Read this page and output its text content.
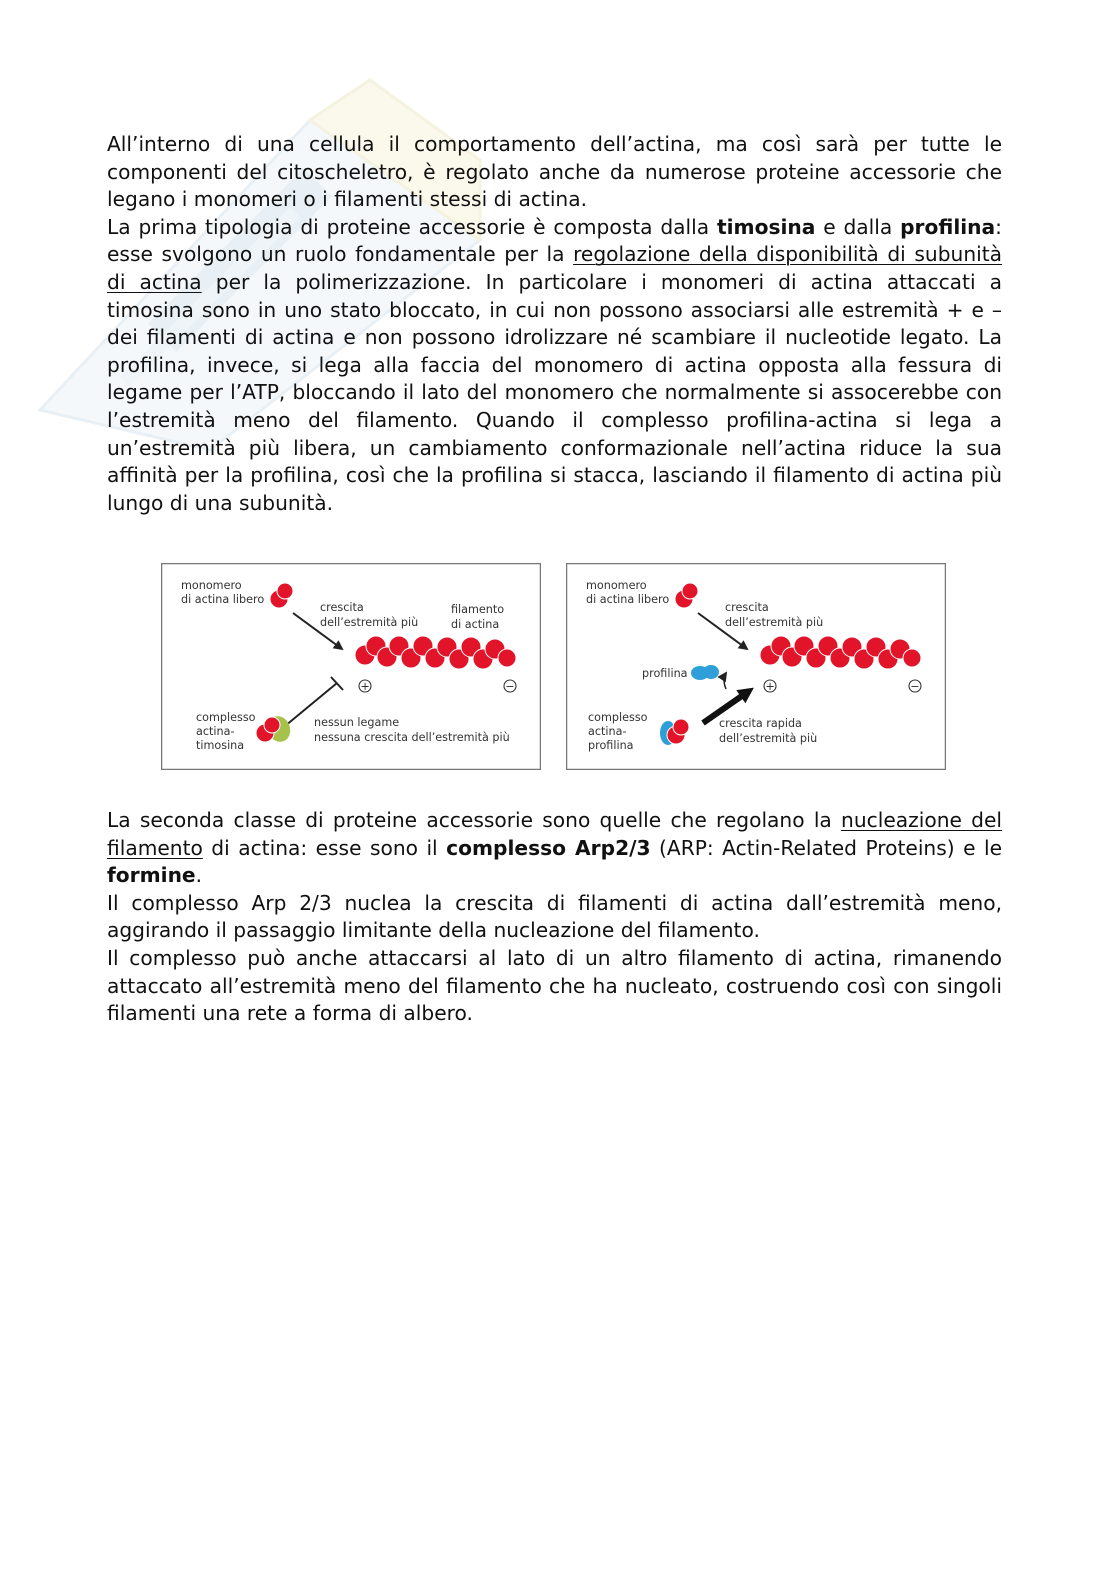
All’interno di una cellula il comportamento dell’actina, ma così sarà per tutte le componenti del citoscheletro, è regolato anche da numerose proteine accessorie che legano i monomeri o i filamenti stessi di actina.

La prima tipologia di proteine accessorie è composta dalla timosina e dalla profilina: esse svolgono un ruolo fondamentale per la regolazione della disponibilità di subunità di actina per la polimerizzazione. In particolare i monomeri di actina attaccati a timosina sono in uno stato bloccato, in cui non possono associarsi alle estremità + e – dei filamenti di actina e non possono idrolizzare né scambiare il nucleotide legato. La profilina, invece, si lega alla faccia del monomero di actina opposta alla fessura di legame per l’ATP, bloccando il lato del monomero che normalmente si assocerebbe con l’estremità meno del filamento. Quando il complesso profilina-actina si lega a un’estremità più libera, un cambiamento conformazionale nell’actina riduce la sua affinità per la profilina, così che la profilina si stacca, lasciando il filamento di actina più lungo di una subunità.

monomero
di actina libero
crescita
dell’estremità più
filamento
di actina
+	−
complesso
actina-
timosina
nessun legame
nessuna crescita dell’estremità più
monomero
di actina libero
crescita
dell’estremità più
profilina
+	−
complesso
actina-
profilina
crescita rapida
dell’estremità più

La seconda classe di proteine accessorie sono quelle che regolano la nucleazione del filamento di actina: esse sono il complesso Arp2/3 (ARP: Actin-Related Proteins) e le formine.

Il complesso Arp 2/3 nuclea la crescita di filamenti di actina dall’estremità meno, aggirando il passaggio limitante della nucleazione del filamento.

Il complesso può anche attaccarsi al lato di un altro filamento di actina, rimanendo attaccato all’estremità meno del filamento che ha nucleato, costruendo così con singoli filamenti una rete a forma di albero.
